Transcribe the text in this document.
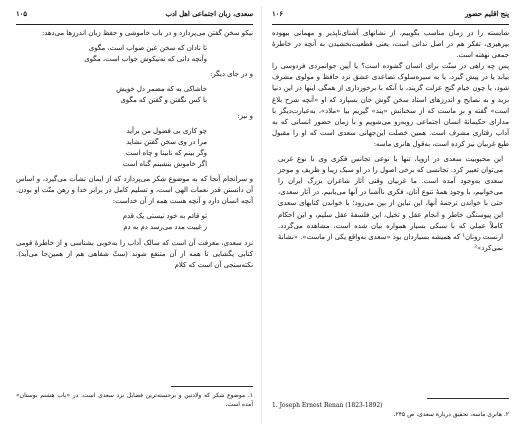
۱۰۵	سعدی، زبان اجتماعی اهل ادب

نیکو سخن گفتن می‌پردازد و در باب خاموشی و حفظ زبان اندرزها می‌دهد:

تا نادان که سخن عین صواب است، مگوی
وآنچه دانی که نه‌نیکوش جواب است، مگوی

و در جای دیگر:

خاشاکی به که مضمر دل خویش
با کس نگفتن و گفتن که مگوی

و نیز:

چو کاری بی فضول من برآید
مرا در وی سخن گفتن نشاید
وگر بینم که نابینا و چاه است
اگر خاموش بنشینم گناه است

و سرانجام آنجا که به موضوع شکر می‌پردازد که از ایمان نشأت می‌گیرد، و اساس آن دانستن قدر نعمات الهی است، و تسلیم کامل در برابر خدا و رهن منّت او بودن. آنچه انسان دارد و آنچه هست همه از آن خداست:

تو قائم به خود نیستی یک قدم
ز غیبت مدد می‌رسد دم به دم

نزد سعدی، معرفت آن است که سالک آداب را به‌خوبی بشناسی و از خاطرهٔ قومی کتابی یگشایی تا همه از آن متنفع شوند (ستّ شفاهی هم از همین‌جا می‌آید). نکته‌سنجی آن است که کلام

۱. موضوع شکر که ولادتین و برجسته‌ترین فضایل نزد سعدی است، در «باب هشتم بوستان» آمده است.
۱۰۶	پنج اقلیم حضور

شایسته را در زمان مناسب بگوییم، از نشانهای آشنای‌ناپذیر و مهمانی بیهوده بپرهیزی، تفکر هم در اصل ندانی است، یعنی قطعیت‌بخشیدن به آنچه در خاطرهٔ جمعی نهفته است.

پس چه راهی در سنّت برای انسان گشوده است؟ یا آیین جوانمردی فردوسی را بیابد یا در پیش گیرد، یا به سیره‌سلوک تصاعدی عشق نزد حافظ و مولوی مشرف شود، یا چون خیام گنج عزلت گزیند، یا آنکه با برخورداری از همگی اینها در این دنیا بزید و به نصایح و اندرزهای استاد سخن گوش جان بسپارد که او «آنچه شرح بلاغ است» گفته و بر ماست که از سخنانش «پند» گیریم بیا «ملاد»، به‌عبارت‌دیگر با مداراى حکیمانهٔ انسان اجتماعی روبه‌رو می‌شویم و با زمان حضور انسانی که به آداب رفتاری مشرف است. همین خصلت این‌جهانی سعدی است که او را مقبول طبع غربیان نیز کرده است، به‌قول هانری ماسه:

این محبوبیت سعدی در اروپا، تنها با نوعی تجانس فکری وی با نوع غربی می‌توان تعبیر کرد. تجانسی که برخی اصول را در او سبک زیبا و ظریف و موجز سعدی به‌وجود آمده است. ما غربیان وقتی آثار شاعران بزرگ ایران را می‌خوانیم، با وجود همهٔ تنوع آنان، فکری ناآشنا در آنها می‌یابیم. در آثار سعدی، حتی با خواندن ترجمهٔ آنها، این تباین از بین می‌رود؛ با خواندن کتابهای سعدی این پیوستگی خاطر و انجام عقل و تخیل، این فلسفهٔ عقل سلیم، و این احکام کاملاً عملی که با سبکی بسیار همواره بیان شده است، مشاهده می‌گردد. ارنست رونان¹ که همیشه بسیاردان بود «سعدی به‌واقع یکی از ماست». «نشانهٔ نمی‌کرد»²

1. Joseph Ernest Renan (1823-1892)
۲. هانری ماسه، تحقیق دربارهٔ سعدی، ص ۲۴۵.
